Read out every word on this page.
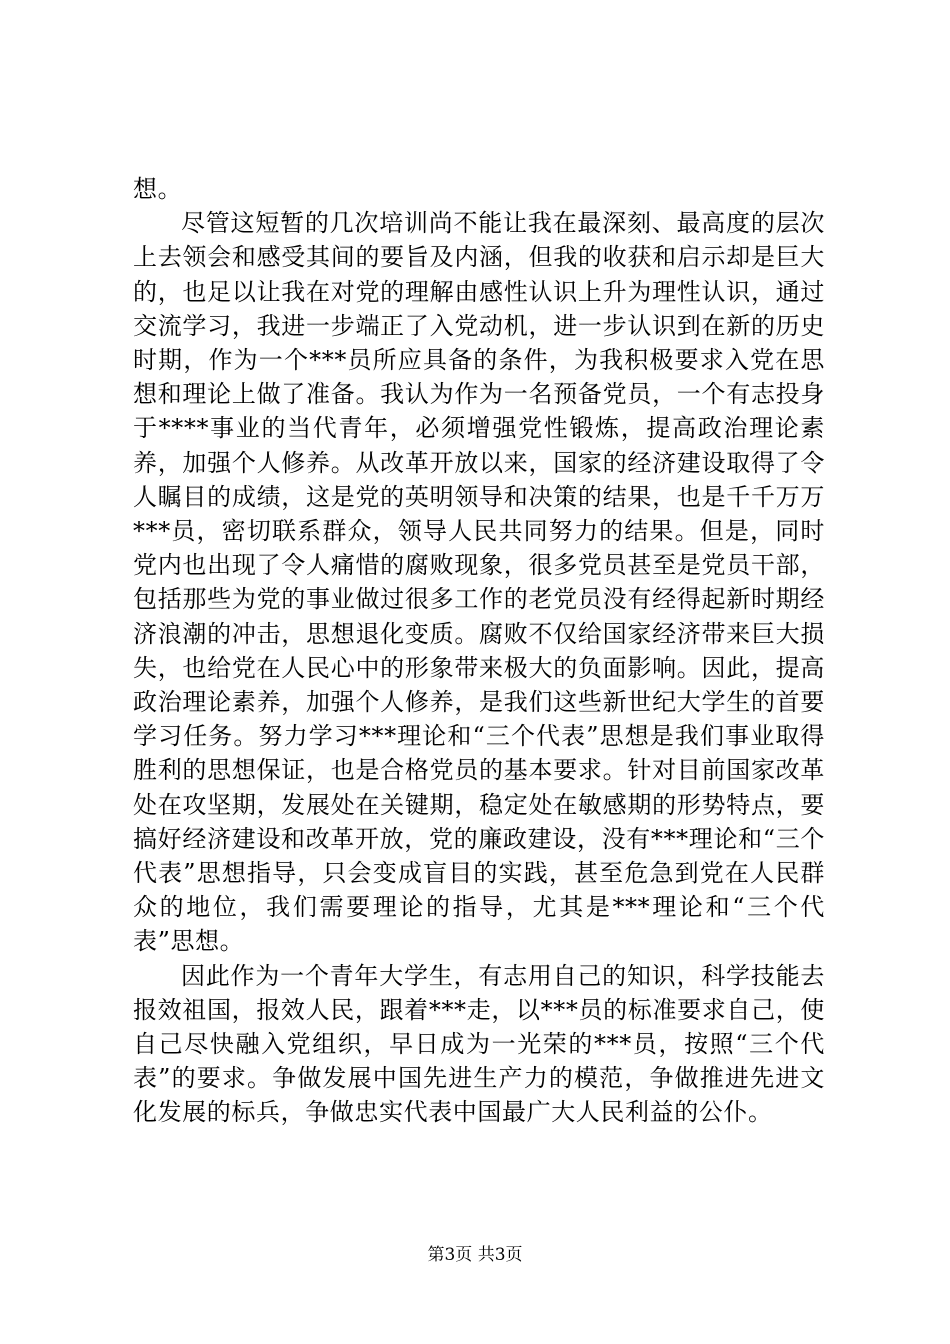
想。

尽管这短暂的几次培训尚不能让我在最深刻、最高度的层次上去领会和感受其间的要旨及内涵，但我的收获和启示却是巨大的，也足以让我在对党的理解由感性认识上升为理性认识，通过交流学习，我进一步端正了入党动机，进一步认识到在新的历史时期，作为一个***员所应具备的条件，为我积极要求入党在思想和理论上做了准备。我认为作为一名预备党员，一个有志投身于****事业的当代青年，必须增强党性锻炼，提高政治理论素养，加强个人修养。从改革开放以来，国家的经济建设取得了令人瞩目的成绩，这是党的英明领导和决策的结果，也是千千万万***员，密切联系群众，领导人民共同努力的结果。但是，同时党内也出现了令人痛惜的腐败现象，很多党员甚至是党员干部，包括那些为党的事业做过很多工作的老党员没有经得起新时期经济浪潮的冲击，思想退化变质。腐败不仅给国家经济带来巨大损失，也给党在人民心中的形象带来极大的负面影响。因此，提高政治理论素养，加强个人修养，是我们这些新世纪大学生的首要学习任务。努力学习***理论和“三个代表”思想是我们事业取得胜利的思想保证，也是合格党员的基本要求。针对目前国家改革处在攻坚期，发展处在关键期，稳定处在敏感期的形势特点，要搞好经济建设和改革开放，党的廉政建设，没有***理论和“三个代表”思想指导，只会变成盲目的实践，甚至危急到党在人民群众的地位，我们需要理论的指导，尤其是***理论和“三个代表”思想。

因此作为一个青年大学生，有志用自己的知识，科学技能去报效祖国，报效人民，跟着***走，以***员的标准要求自己，使自己尽快融入党组织，早日成为一光荣的***员，按照“三个代表”的要求。争做发展中国先进生产力的模范，争做推进先进文化发展的标兵，争做忠实代表中国最广大人民利益的公仆。

第3页 共3页
